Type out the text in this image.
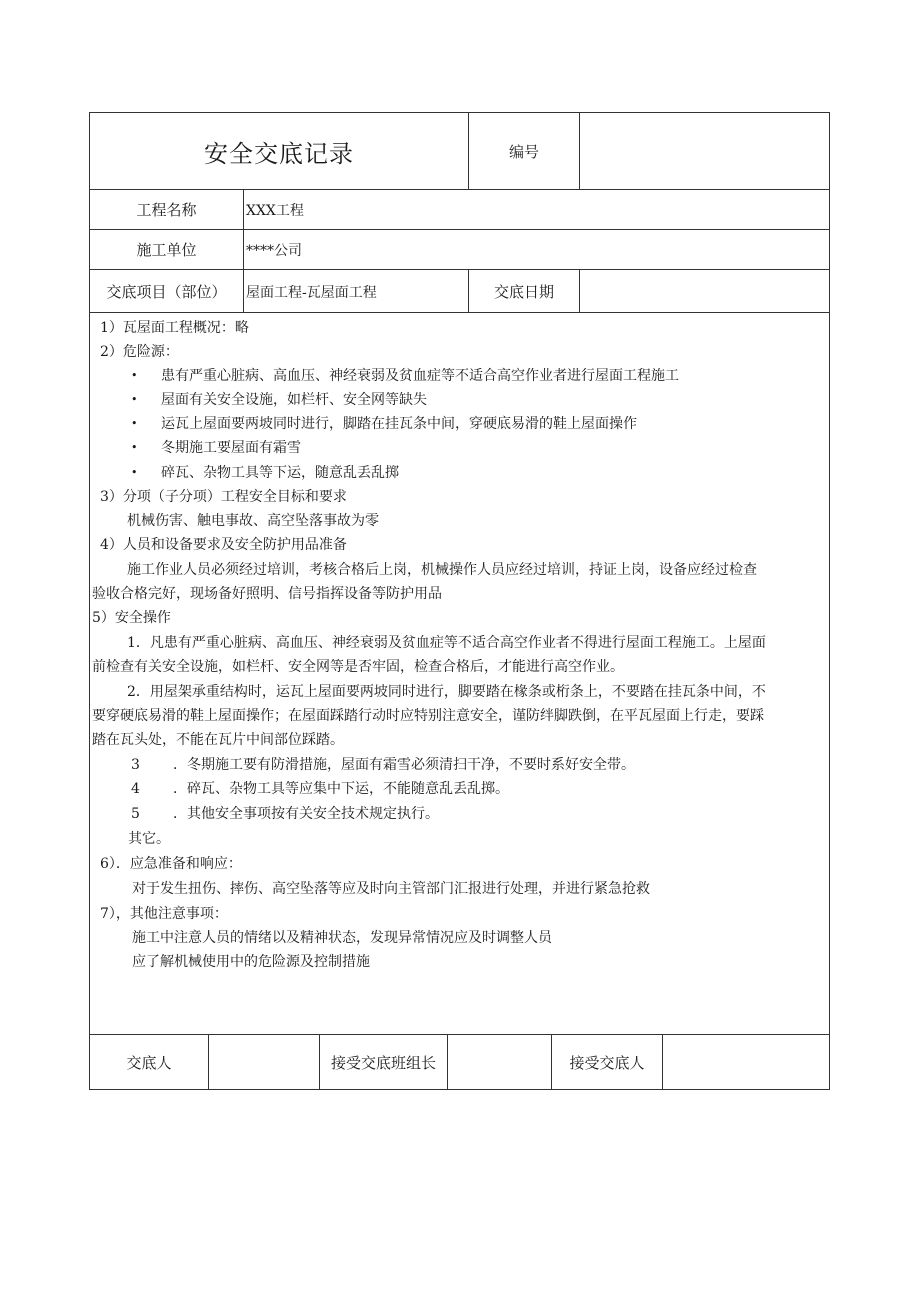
安全交底记录	编号
工程名称	XXX工程
施工单位	****公司
交底项目（部位） 屋面工程-瓦屋面工程	交底日期
1）瓦屋面工程概况：略
2）危险源：
• 患有严重心脏病、高血压、神经衰弱及贫血症等不适合高空作业者进行屋面工程施工
• 屋面有关安全设施，如栏杆、安全网等缺失
• 运瓦上屋面要两坡同时进行，脚踏在挂瓦条中间，穿硬底易滑的鞋上屋面操作
• 冬期施工要屋面有霜雪
• 碎瓦、杂物工具等下运，随意乱丢乱掷
3）分项（子分项）工程安全目标和要求
机械伤害、触电事故、高空坠落事故为零
4）人员和设备要求及安全防护用品准备
施工作业人员必须经过培训，考核合格后上岗，机械操作人员应经过培训，持证上岗，设备应经过检查
验收合格完好，现场备好照明、信号指挥设备等防护用品
5）安全操作
1．凡患有严重心脏病、高血压、神经衰弱及贫血症等不适合高空作业者不得进行屋面工程施工。上屋面
前检查有关安全设施，如栏杆、安全网等是否牢固，检查合格后，才能进行高空作业。
2．用屋架承重结构时，运瓦上屋面要两坡同时进行，脚要踏在椽条或桁条上，不要踏在挂瓦条中间，不
要穿硬底易滑的鞋上屋面操作；在屋面踩踏行动时应特别注意安全，谨防绊脚跌倒，在平瓦屋面上行走，要踩
踏在瓦头处，不能在瓦片中间部位踩踏。
3 ．冬期施工要有防滑措施，屋面有霜雪必须清扫干净，不要时系好安全带。
4 ．碎瓦、杂物工具等应集中下运，不能随意乱丢乱掷。
5 ．其他安全事项按有关安全技术规定执行。
其它。
6）．应急准备和响应：
对于发生扭伤、摔伤、高空坠落等应及时向主管部门汇报进行处理，并进行紧急抢救
7），其他注意事项：
施工中注意人员的情绪以及精神状态，发现异常情况应及时调整人员
应了解机械使用中的危险源及控制措施
交底人	接受交底班组长	接受交底人
